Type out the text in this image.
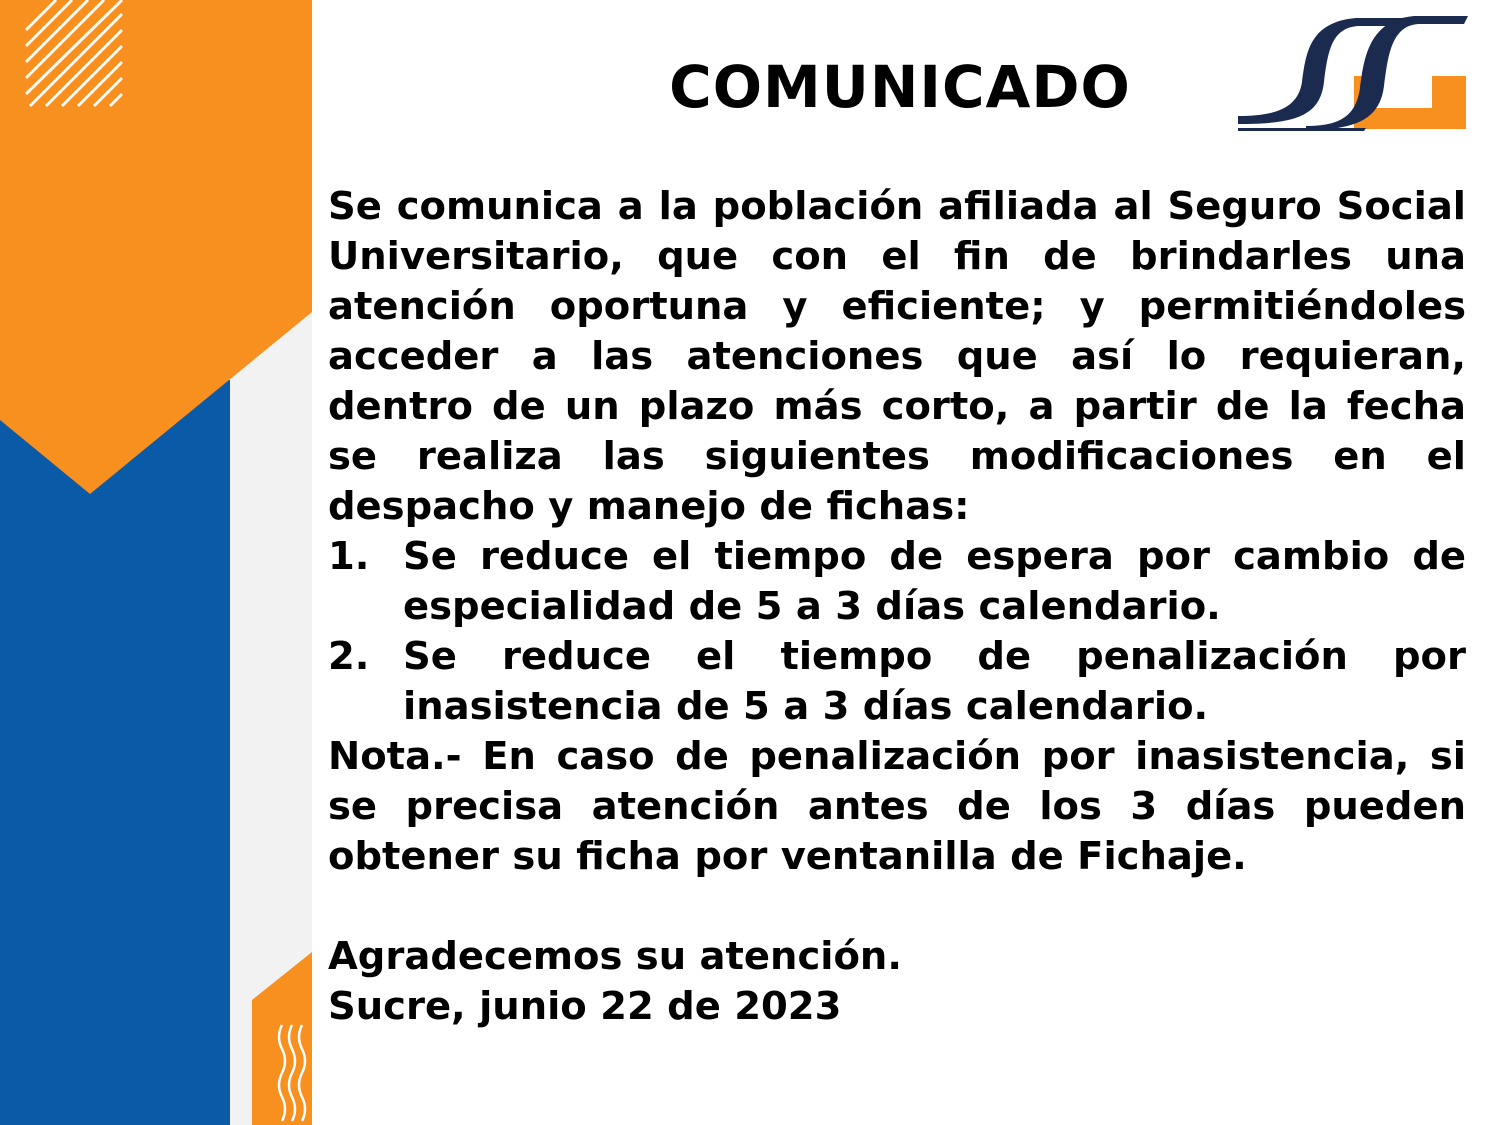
COMUNICADO

Se comunica a la población afiliada al Seguro Social Universitario, que con el fin de brindarles una atención oportuna y eficiente; y permitiéndoles acceder a las atenciones que así lo requieran, dentro de un plazo más corto, a partir de la fecha se realiza las siguientes modificaciones en el despacho y manejo de fichas:

1. Se reduce el tiempo de espera por cambio de especialidad de 5 a 3 días calendario.
2. Se reduce el tiempo de penalización por inasistencia de 5 a 3 días calendario.

Nota.- En caso de penalización por inasistencia, si se precisa atención antes de los 3 días pueden obtener su ficha por ventanilla de Fichaje.

Agradecemos su atención.

Sucre, junio 22 de 2023
